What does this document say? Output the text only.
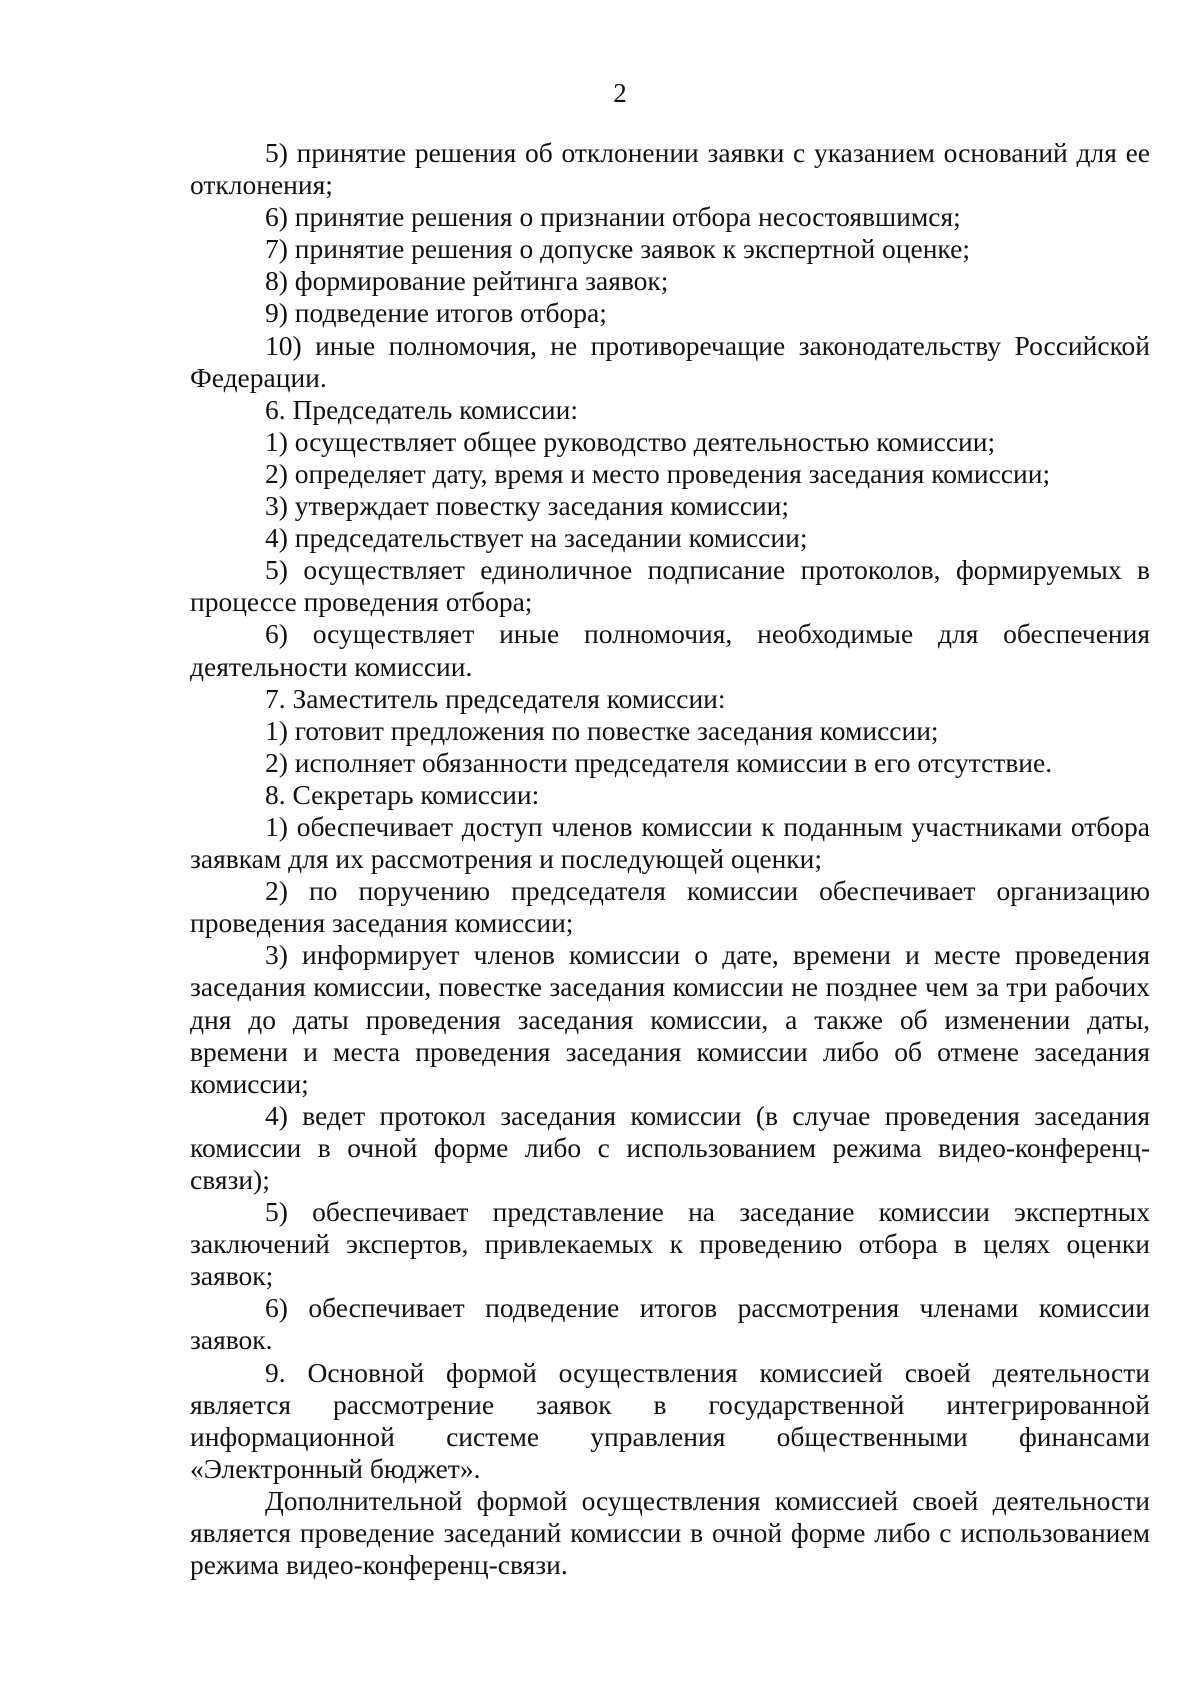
2

5) принятие решения об отклонении заявки с указанием оснований для ее отклонения;

6) принятие решения о признании отбора несостоявшимся;

7) принятие решения о допуске заявок к экспертной оценке;

8) формирование рейтинга заявок;

9) подведение итогов отбора;

10) иные полномочия, не противоречащие законодательству Российской Федерации.

6. Председатель комиссии:

1) осуществляет общее руководство деятельностью комиссии;

2) определяет дату, время и место проведения заседания комиссии;

3) утверждает повестку заседания комиссии;

4) председательствует на заседании комиссии;

5) осуществляет единоличное подписание протоколов, формируемых в процессе проведения отбора;

6) осуществляет иные полномочия, необходимые для обеспечения деятельности комиссии.

7. Заместитель председателя комиссии:

1) готовит предложения по повестке заседания комиссии;

2) исполняет обязанности председателя комиссии в его отсутствие.

8. Секретарь комиссии:

1) обеспечивает доступ членов комиссии к поданным участниками отбора заявкам для их рассмотрения и последующей оценки;

2) по поручению председателя комиссии обеспечивает организацию проведения заседания комиссии;

3) информирует членов комиссии о дате, времени и месте проведения заседания комиссии, повестке заседания комиссии не позднее чем за три рабочих дня до даты проведения заседания комиссии, а также об изменении даты, времени и места проведения заседания комиссии либо об отмене заседания комиссии;

4) ведет протокол заседания комиссии (в случае проведения заседания комиссии в очной форме либо с использованием режима видео-конференц-связи);

5) обеспечивает представление на заседание комиссии экспертных заключений экспертов, привлекаемых к проведению отбора в целях оценки заявок;

6) обеспечивает подведение итогов рассмотрения членами комиссии заявок.

9. Основной формой осуществления комиссией своей деятельности является рассмотрение заявок в государственной интегрированной информационной системе управления общественными финансами «Электронный бюджет».

Дополнительной формой осуществления комиссией своей деятельности является проведение заседаний комиссии в очной форме либо с использованием режима видео-конференц-связи.
